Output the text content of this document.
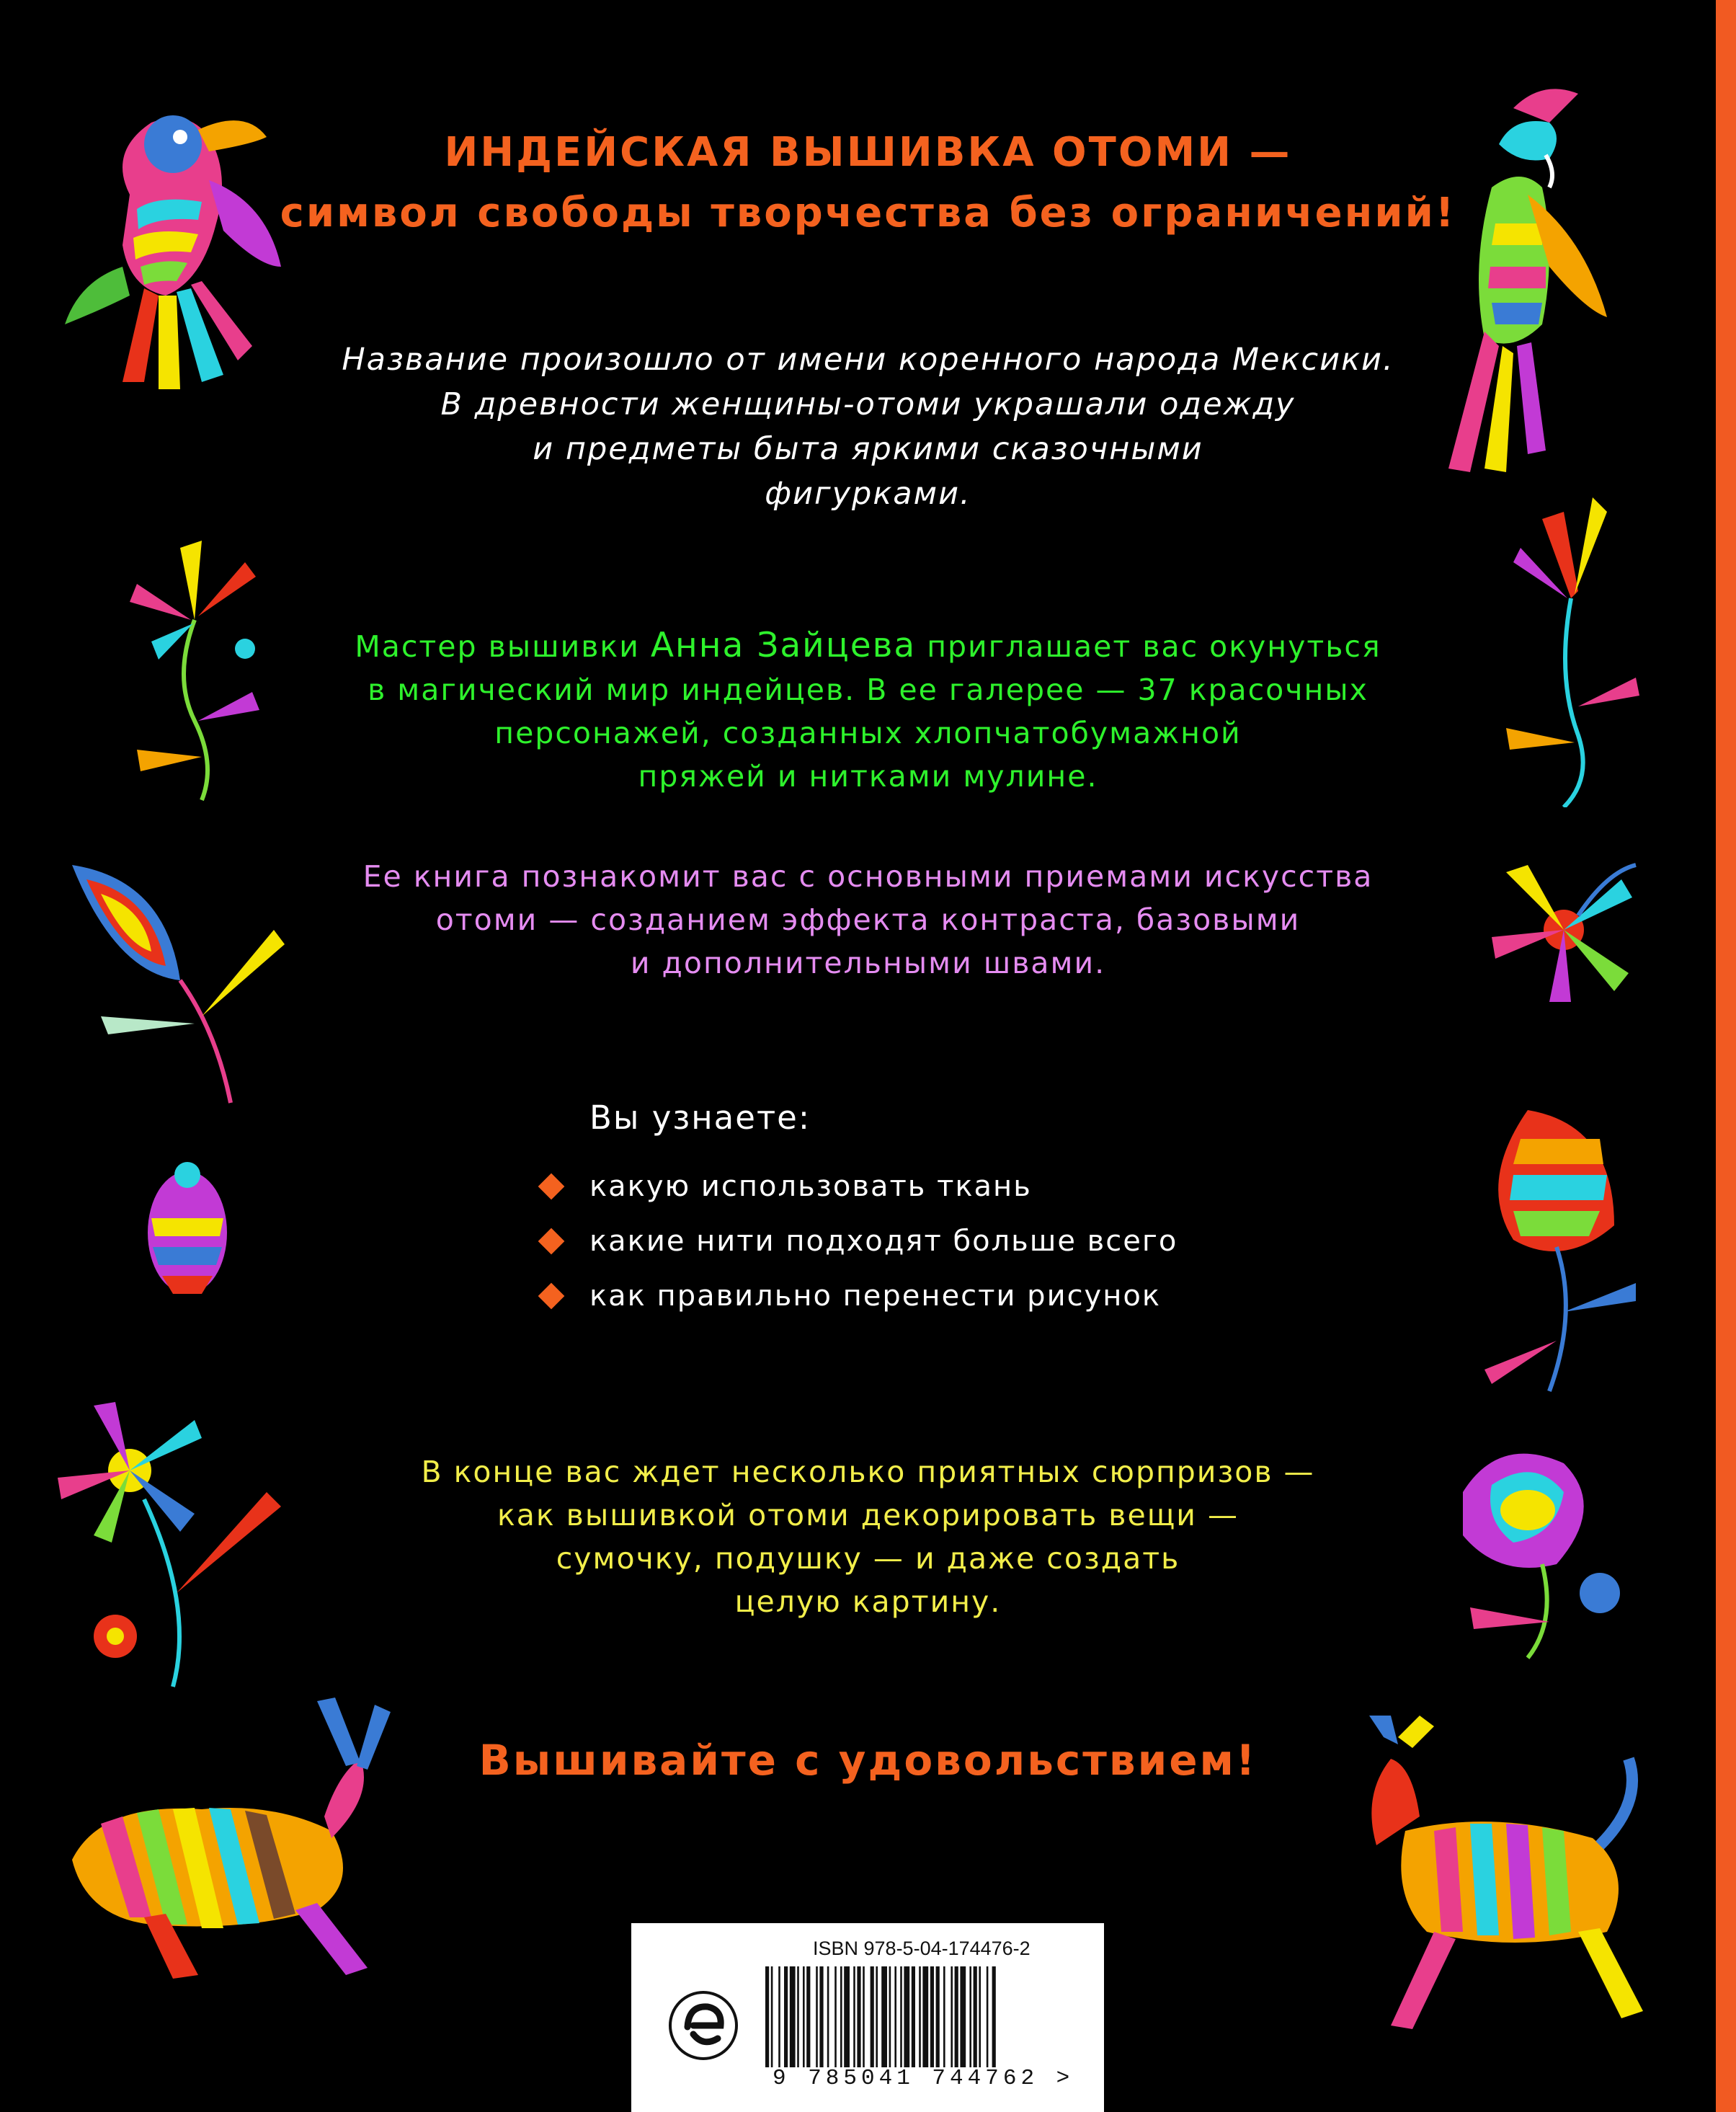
ИНДЕЙСКАЯ ВЫШИВКА ОТОМИ —
символ свободы творчества без ограничений!
Название произошло от имени коренного народа Мексики.
В древности женщины-отоми украшали одежду
и предметы быта яркими сказочными
фигурками.
Мастер вышивки Анна Зайцева приглашает вас окунуться
в магический мир индейцев. В ее галерее — 37 красочных
персонажей, созданных хлопчатобумажной
пряжей и нитками мулине.
Ее книга познакомит вас с основными приемами искусства
отоми — созданием эффекта контраста, базовыми
и дополнительными швами.
Вы узнаете:
какую использовать ткань
какие нити подходят больше всего
как правильно перенести рисунок
В конце вас ждет несколько приятных сюрпризов —
как вышивкой отоми декорировать вещи —
сумочку, подушку — и даже создать
целую картину.
Вышивайте с удовольствием!
ISBN 978-5-04-174476-2
9 785041 744762 >
